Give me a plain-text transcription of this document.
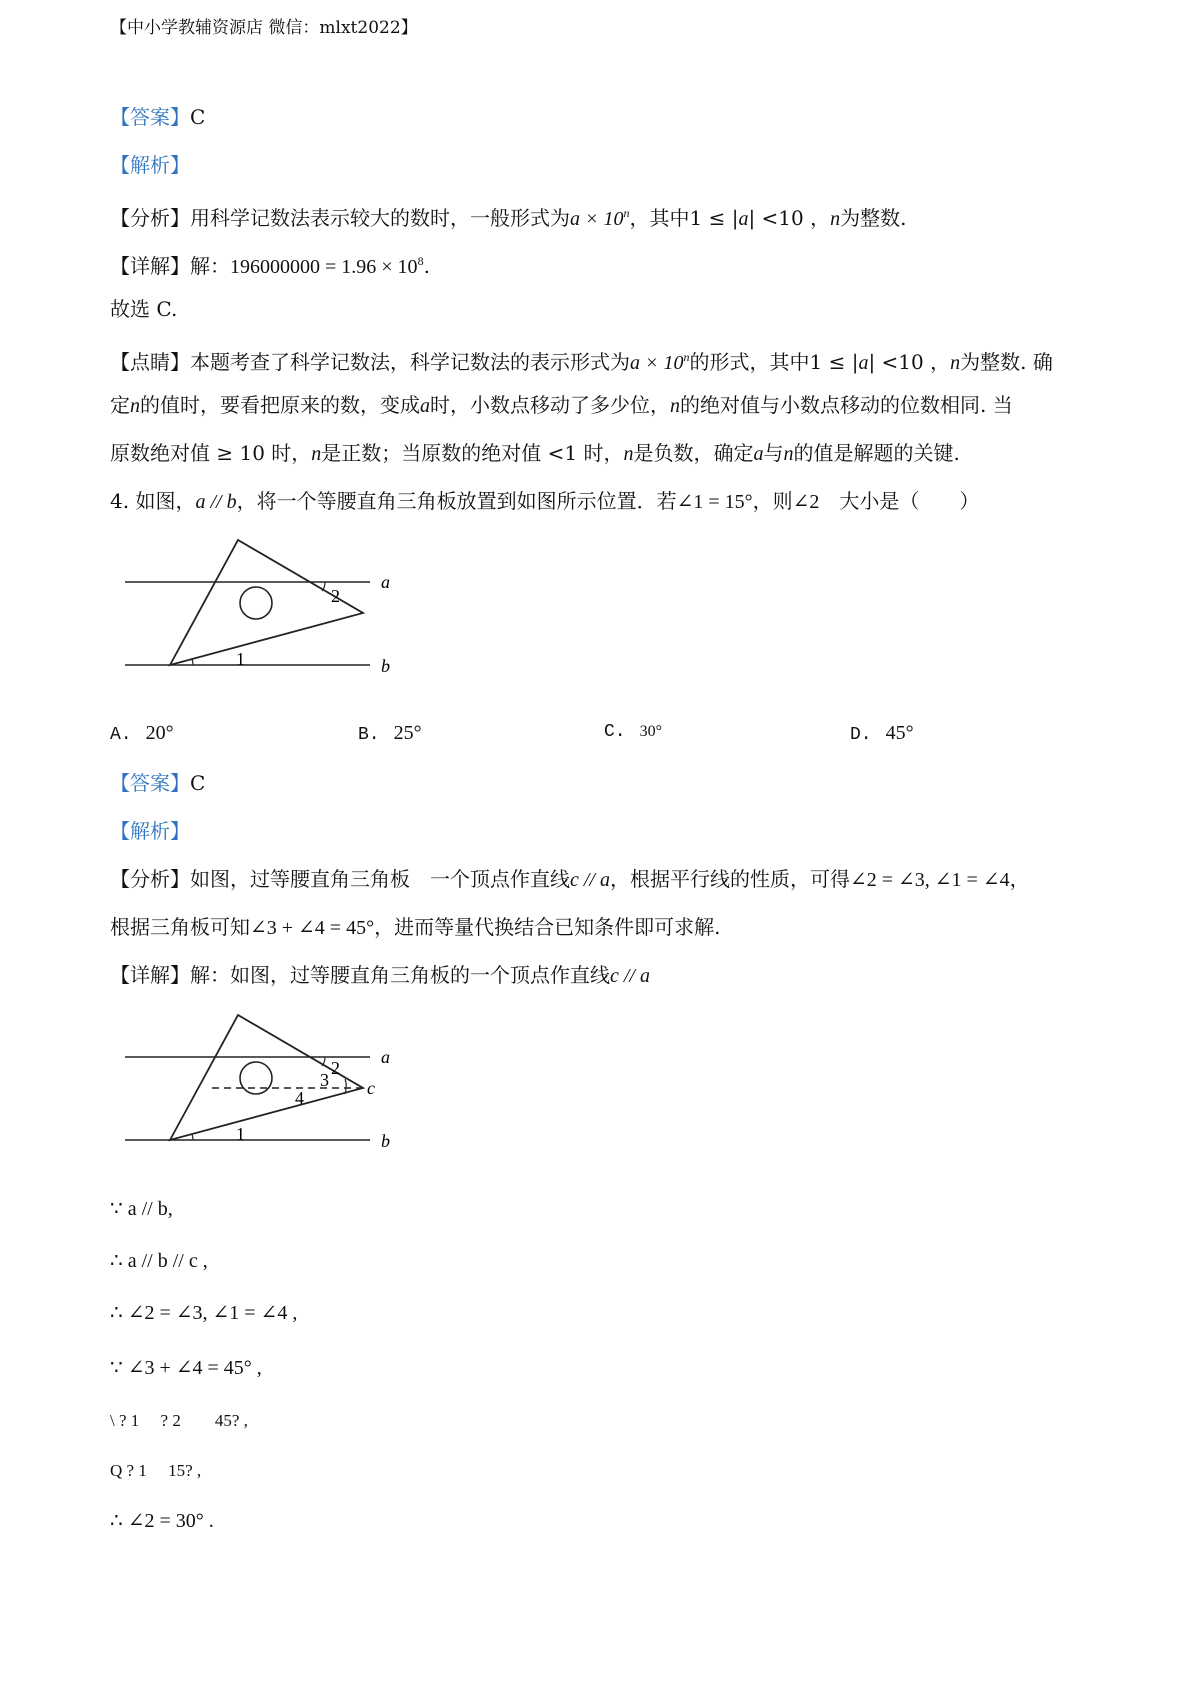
【中小学教辅资源店 微信：mlxt2022】
【答案】C
【解析】
【分析】用科学记数法表示较大的数时，一般形式为$a \times 10^n$，其中1 ≤ |a| <10 ，n为整数.
【详解】解：$196000000 = 1.96 \times 10^8$.
故选 C.
【点睛】本题考查了科学记数法，科学记数法的表示形式为$a \times 10^n$的形式，其中1 ≤ |a| <10 ，n为整数. 确
定n的值时，要看把原来的数，变成a时，小数点移动了多少位，n的绝对值与小数点移动的位数相同. 当
原数绝对值 ≥ 10 时，n是正数；当原数的绝对值 <1 时，n是负数，确定a与n的值是解题的关键.
4. 如图，a // b，将一个等腰直角三角板放置到如图所示位置．若∠1 = 15°，则∠2　大小是（　　）
1
2
a
b
A. 20°	B. 25°	C. 30°	D. 45°
【答案】C
【解析】
【分析】如图，过等腰直角三角板　一个顶点作直线c // a，根据平行线的性质，可得∠2 = ∠3, ∠1 = ∠4，
根据三角板可知∠3 + ∠4 = 45°，进而等量代换结合已知条件即可求解.
【详解】解：如图，过等腰直角三角板的一个顶点作直线c // a
1
2
3
4	c
a
b
∵ a // b,
∴ a // b // c ,
∴ ∠2 = ∠3, ∠1 = ∠4 ,
∵ ∠3 + ∠4 = 45° ,
\ ? 1　 ? 2　　45? ,
Q ? 1　 15? ,
∴ ∠2 = 30° .
